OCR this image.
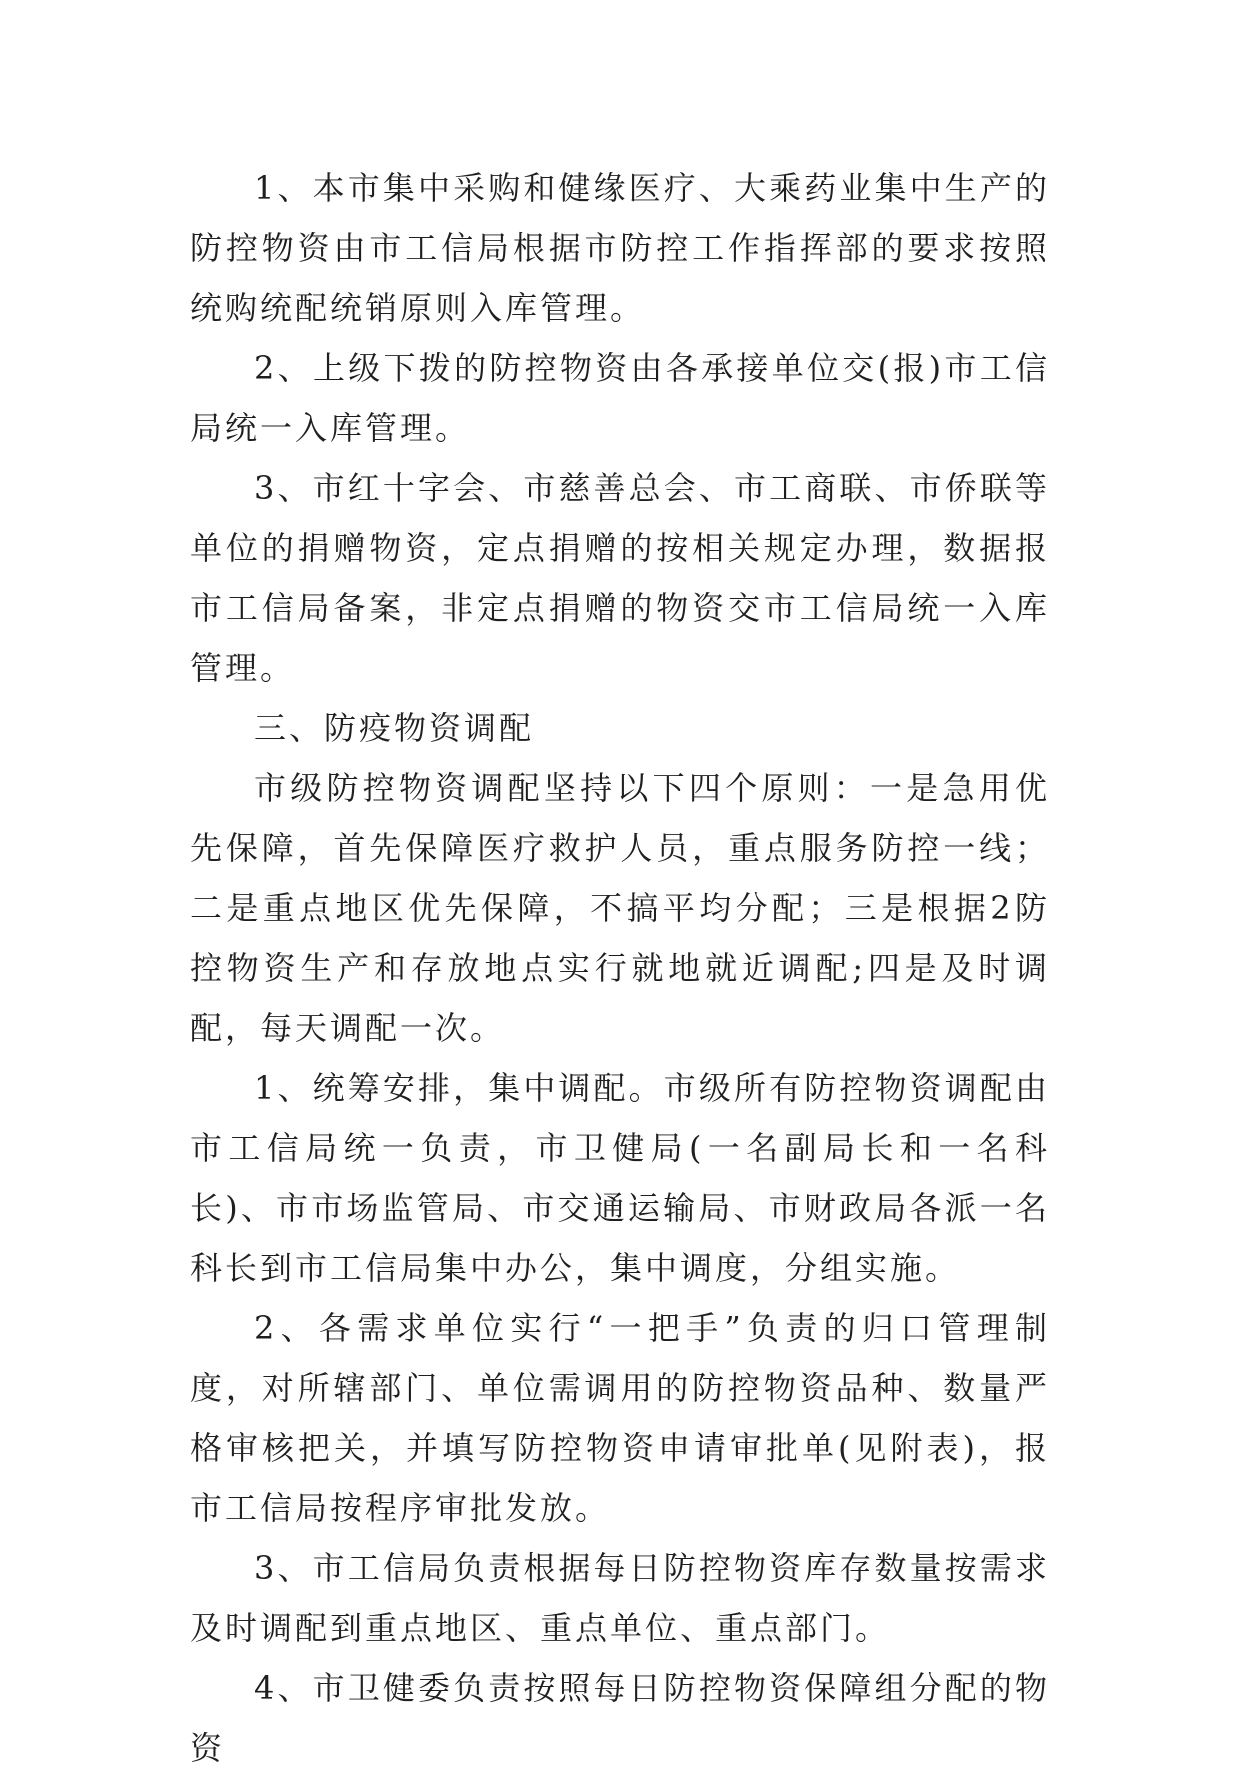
1、本市集中采购和健缘医疗、大乘药业集中生产的防控物资由市工信局根据市防控工作指挥部的要求按照统购统配统销原则入库管理。

2、上级下拨的防控物资由各承接单位交(报)市工信局统一入库管理。

3、市红十字会、市慈善总会、市工商联、市侨联等单位的捐赠物资，定点捐赠的按相关规定办理，数据报市工信局备案，非定点捐赠的物资交市工信局统一入库管理。

三、防疫物资调配

市级防控物资调配坚持以下四个原则：一是急用优先保障，首先保障医疗救护人员，重点服务防控一线；二是重点地区优先保障，不搞平均分配；三是根据2防控物资生产和存放地点实行就地就近调配;四是及时调配，每天调配一次。

1、统筹安排，集中调配。市级所有防控物资调配由市工信局统一负责，市卫健局(一名副局长和一名科长)、市市场监管局、市交通运输局、市财政局各派一名科长到市工信局集中办公，集中调度，分组实施。

2、各需求单位实行“一把手”负责的归口管理制度，对所辖部门、单位需调用的防控物资品种、数量严格审核把关，并填写防控物资申请审批单(见附表)，报市工信局按程序审批发放。

3、市工信局负责根据每日防控物资库存数量按需求及时调配到重点地区、重点单位、重点部门。

4、市卫健委负责按照每日防控物资保障组分配的物资
